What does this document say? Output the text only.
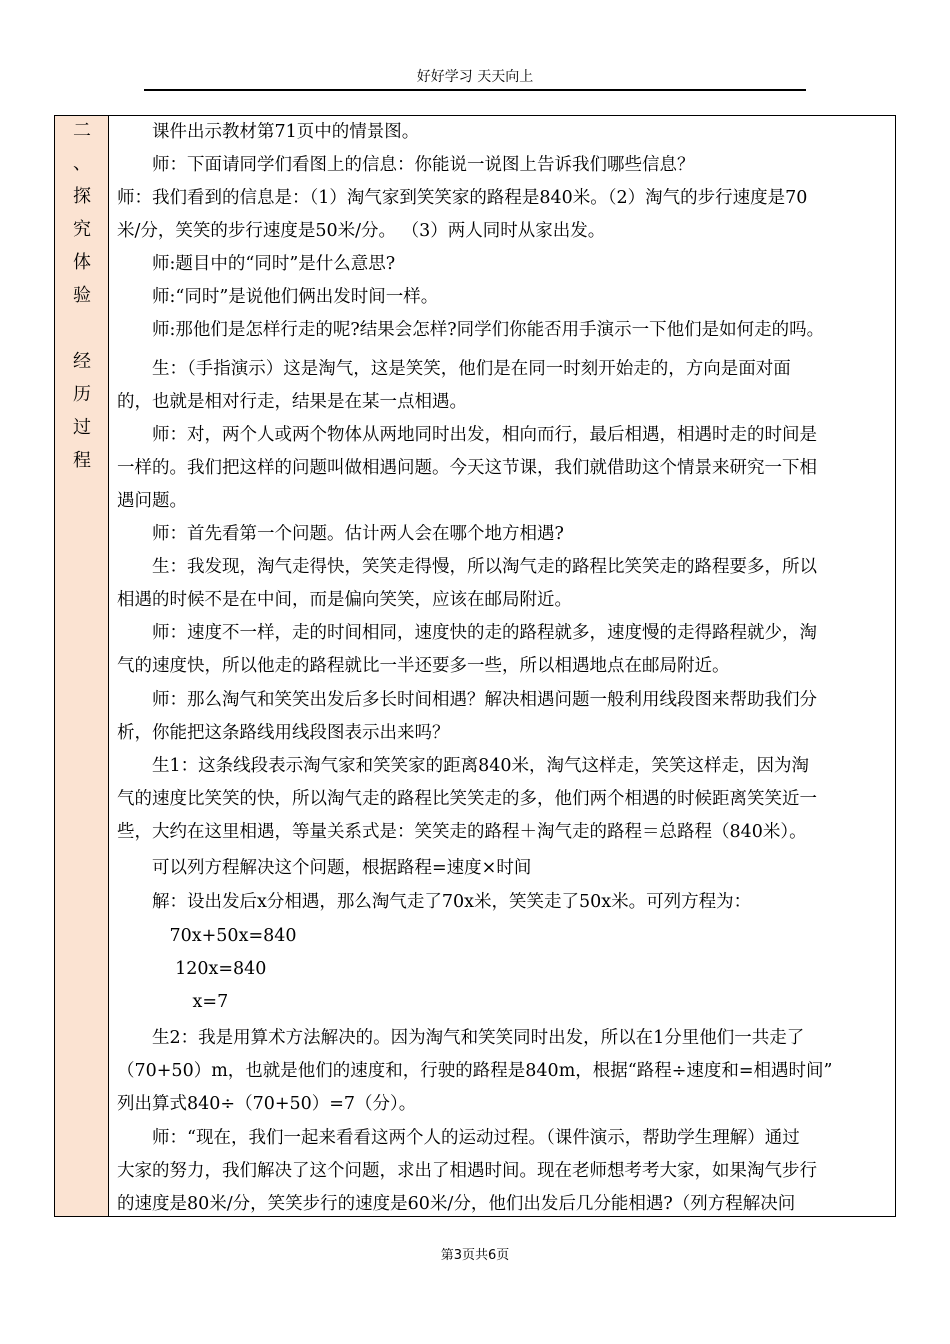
好好学习 天天向上
二
、
探
究
体
验
经
历
过
程
　　课件出示教材第71页中的情景图。
　　师：下面请同学们看图上的信息：你能说一说图上告诉我们哪些信息？
师：我们看到的信息是：（1）淘气家到笑笑家的路程是840米。（2）淘气的步行速度是70
米/分，笑笑的步行速度是50米/分。 （3）两人同时从家出发。
　　师:题目中的“同时”是什么意思?
　　师:“同时”是说他们俩出发时间一样。
　　师:那他们是怎样行走的呢?结果会怎样?同学们你能否用手演示一下他们是如何走的吗。
　　生：（手指演示）这是淘气，这是笑笑，他们是在同一时刻开始走的，方向是面对面
的，也就是相对行走，结果是在某一点相遇。
　　师：对，两个人或两个物体从两地同时出发，相向而行，最后相遇，相遇时走的时间是
一样的。我们把这样的问题叫做相遇问题。今天这节课，我们就借助这个情景来研究一下相
遇问题。
　　师：首先看第一个问题。估计两人会在哪个地方相遇?
　　生：我发现，淘气走得快，笑笑走得慢，所以淘气走的路程比笑笑走的路程要多，所以
相遇的时候不是在中间，而是偏向笑笑，应该在邮局附近。
　　师：速度不一样，走的时间相同，速度快的走的路程就多，速度慢的走得路程就少，淘
气的速度快，所以他走的路程就比一半还要多一些，所以相遇地点在邮局附近。
　　师：那么淘气和笑笑出发后多长时间相遇？解决相遇问题一般利用线段图来帮助我们分
析，你能把这条路线用线段图表示出来吗？
　　生1：这条线段表示淘气家和笑笑家的距离840米，淘气这样走，笑笑这样走，因为淘
气的速度比笑笑的快，所以淘气走的路程比笑笑走的多，他们两个相遇的时候距离笑笑近一
些，大约在这里相遇，等量关系式是：笑笑走的路程＋淘气走的路程＝总路程（840米）。
　　可以列方程解决这个问题，根据路程=速度×时间
　　解：设出发后x分相遇，那么淘气走了70x米，笑笑走了50x米。可列方程为：
　　　70x+50x=840
　　　 120x=840
　　　　 x=7
　　生2：我是用算术方法解决的。因为淘气和笑笑同时出发，所以在1分里他们一共走了
（70+50）m，也就是他们的速度和，行驶的路程是840m，根据“路程÷速度和=相遇时间”
列出算式840÷（70+50）=7（分）。
　　师：“现在，我们一起来看看这两个人的运动过程。（课件演示，帮助学生理解）通过
大家的努力，我们解决了这个问题，求出了相遇时间。现在老师想考考大家，如果淘气步行
的速度是80米/分，笑笑步行的速度是60米/分，他们出发后几分能相遇?（列方程解决问
第3页共6页
